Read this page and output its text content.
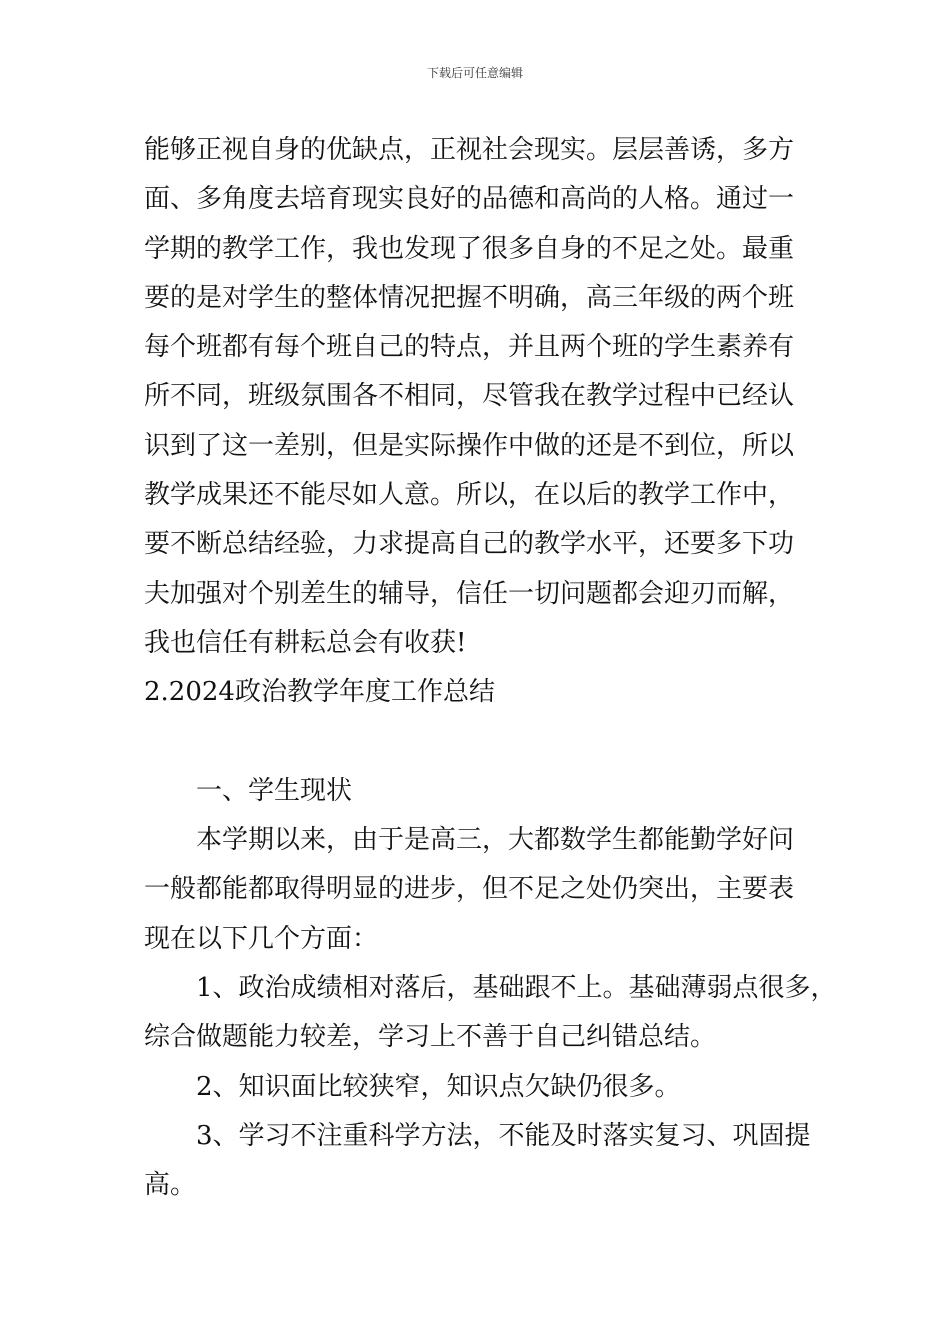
下载后可任意编辑
能够正视自身的优缺点，正视社会现实。层层善诱，多方
面、多角度去培育现实良好的品德和高尚的人格。通过一
学期的教学工作，我也发现了很多自身的不足之处。最重
要的是对学生的整体情况把握不明确，高三年级的两个班
每个班都有每个班自己的特点，并且两个班的学生素养有
所不同，班级氛围各不相同，尽管我在教学过程中已经认
识到了这一差别，但是实际操作中做的还是不到位，所以
教学成果还不能尽如人意。所以，在以后的教学工作中，
要不断总结经验，力求提高自己的教学水平，还要多下功
夫加强对个别差生的辅导，信任一切问题都会迎刃而解，
我也信任有耕耘总会有收获!
2.2024政治教学年度工作总结
一、学生现状
本学期以来，由于是高三，大都数学生都能勤学好问
一般都能都取得明显的进步，但不足之处仍突出，主要表
现在以下几个方面：
1、政治成绩相对落后，基础跟不上。基础薄弱点很多，
综合做题能力较差，学习上不善于自己纠错总结。
2、知识面比较狭窄，知识点欠缺仍很多。
3、学习不注重科学方法，不能及时落实复习、巩固提
高。
